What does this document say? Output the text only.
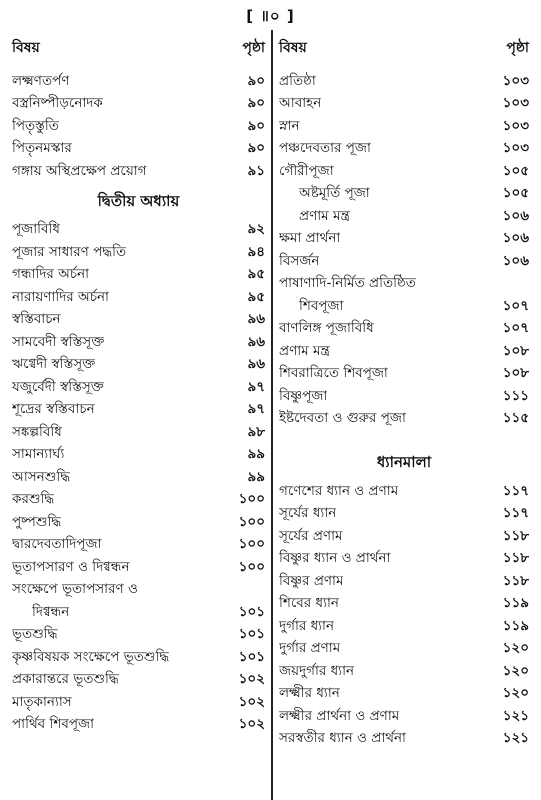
[ ॥০ ]
বিষয়	পৃষ্ঠা
লক্ষ্মণতর্পণ	৯০
বস্ত্রনিষ্পীড়নোদক	৯০
পিতৃস্তুতি	৯০
পিতৃনমস্কার	৯০
গঙ্গায় অস্থিপ্রক্ষেপ প্রয়োগ	৯১
দ্বিতীয় অধ্যায়
পূজাবিধি	৯২
পূজার সাধারণ পদ্ধতি	৯৪
গন্ধাদির অর্চনা	৯৫
নারায়ণাদির অর্চনা	৯৫
স্বস্তিবাচন	৯৬
সামবেদী স্বস্তিসূক্ত	৯৬
ঋগ্বেদী স্বস্তিসূক্ত	৯৬
যজুর্বেদী স্বস্তিসূক্ত	৯৭
শূদ্রের স্বস্তিবাচন	৯৭
সঙ্কল্পবিধি	৯৮
সামান্যার্ঘ্য	৯৯
আসনশুদ্ধি	৯৯
করশুদ্ধি	১০০
পুষ্পশুদ্ধি	১০০
দ্বারদেবতাদিপূজা	১০০
ভূতাপসারণ ও দিগ্বন্ধন	১০০
সংক্ষেপে ভূতাপসারণ ও
দিগ্বন্ধন	১০১
ভূতশুদ্ধি	১০১
কৃষ্ণবিষয়ক সংক্ষেপে ভূতশুদ্ধি	১০১
প্রকারান্তরে ভূতশুদ্ধি	১০২
মাতৃকান্যাস	১০২
পার্থিব শিবপূজা	১০২
বিষয়	পৃষ্ঠা
প্রতিষ্ঠা	১০৩
আবাহন	১০৩
স্নান	১০৩
পঞ্চদেবতার পূজা	১০৩
গৌরীপূজা	১০৫
অষ্টমূর্তি পূজা	১০৫
প্রণাম মন্ত্র	১০৬
ক্ষমা প্রার্থনা	১০৬
বিসর্জন	১০৬
পাষাণাদি-নির্মিত প্রতিষ্ঠিত
শিবপূজা	১০৭
বাণলিঙ্গ পূজাবিধি	১০৭
প্রণাম মন্ত্র	১০৮
শিবরাত্রিতে শিবপূজা	১০৮
বিষ্ণুপূজা	১১১
ইষ্টদেবতা ও গুরুর পূজা	১১৫
ধ্যানমালা
গণেশের ধ্যান ও প্রণাম	১১৭
সূর্যের ধ্যান	১১৭
সূর্যের প্রণাম	১১৮
বিষ্ণুর ধ্যান ও প্রার্থনা	১১৮
বিষ্ণুর প্রণাম	১১৮
শিবের ধ্যান	১১৯
দুর্গার ধ্যান	১১৯
দুর্গার প্রণাম	১২০
জয়দুর্গার ধ্যান	১২০
লক্ষ্মীর ধ্যান	১২০
লক্ষ্মীর প্রার্থনা ও প্রণাম	১২১
সরস্বতীর ধ্যান ও প্রার্থনা	১২১
